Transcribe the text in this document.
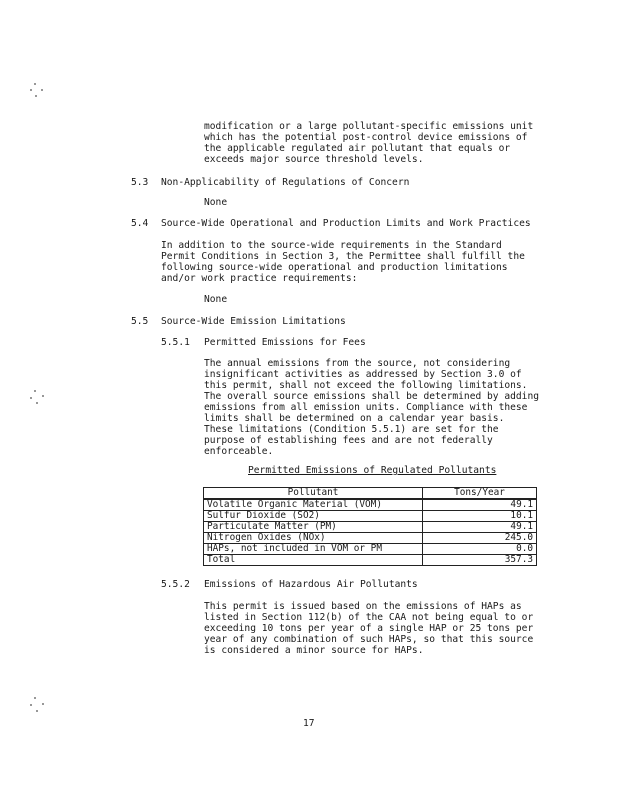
modification or a large pollutant-specific emissions unit
which has the potential post-control device emissions of
the applicable regulated air pollutant that equals or
exceeds major source threshold levels.
5.3 Non-Applicability of Regulations of Concern
None
5.4 Source-Wide Operational and Production Limits and Work Practices
In addition to the source-wide requirements in the Standard
Permit Conditions in Section 3, the Permittee shall fulfill the
following source-wide operational and production limitations
and/or work practice requirements:
None
5.5 Source-Wide Emission Limitations
5.5.1 Permitted Emissions for Fees
The annual emissions from the source, not considering
insignificant activities as addressed by Section 3.0 of
this permit, shall not exceed the following limitations.
The overall source emissions shall be determined by adding
emissions from all emission units. Compliance with these
limits shall be determined on a calendar year basis.
These limitations (Condition 5.5.1) are set for the
purpose of establishing fees and are not federally
enforceable.
Permitted Emissions of Regulated Pollutants
Pollutant	Tons/Year
Volatile Organic Material (VOM)	49.1
Sulfur Dioxide (SO2)	10.1
Particulate Matter (PM)	49.1
Nitrogen Oxides (NOx)	245.0
HAPs, not included in VOM or PM	0.0
Total	357.3
5.5.2 Emissions of Hazardous Air Pollutants
This permit is issued based on the emissions of HAPs as
listed in Section 112(b) of the CAA not being equal to or
exceeding 10 tons per year of a single HAP or 25 tons per
year of any combination of such HAPs, so that this source
is considered a minor source for HAPs.
17
